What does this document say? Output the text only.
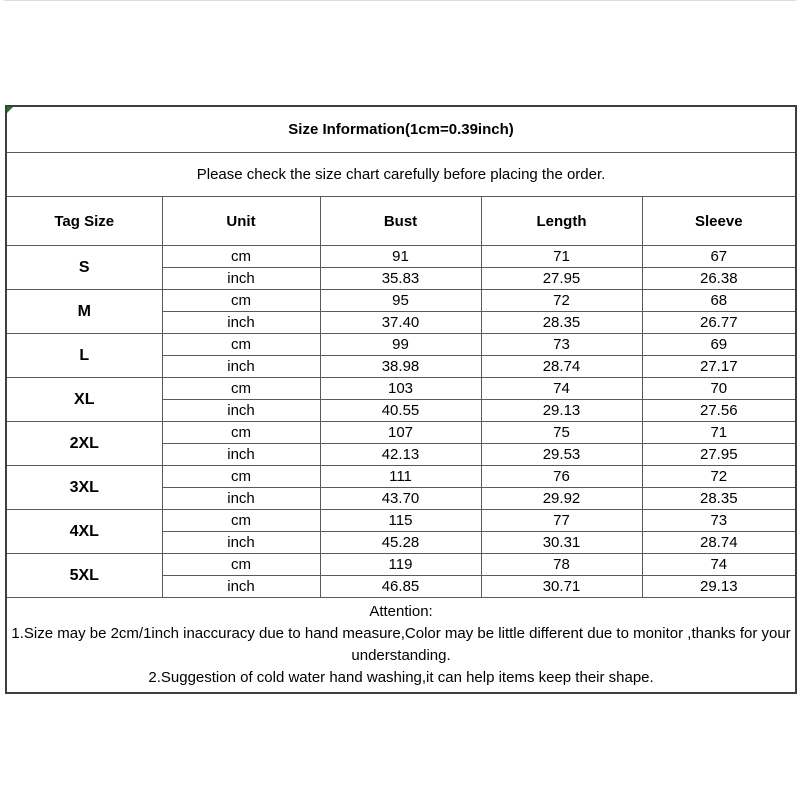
Size Information(1cm=0.39inch)				
Please check the size chart carefully before placing the order.				
Tag Size	Unit	Bust	Length	Sleeve
S	cm	91	71	67
	inch	35.83	27.95	26.38
M	cm	95	72	68
	inch	37.40	28.35	26.77
L	cm	99	73	69
	inch	38.98	28.74	27.17
XL	cm	103	74	70
	inch	40.55	29.13	27.56
2XL	cm	107	75	71
	inch	42.13	29.53	27.95
3XL	cm	111	76	72
	inch	43.70	29.92	28.35
4XL	cm	115	77	73
	inch	45.28	30.31	28.74
5XL	cm	119	78	74
	inch	46.85	30.71	29.13

Attention:
1.Size may be 2cm/1inch inaccuracy due to hand measure,Color may be little different due to monitor ,thanks for your understanding.
2.Suggestion of cold water hand washing,it can help items keep their shape.				
